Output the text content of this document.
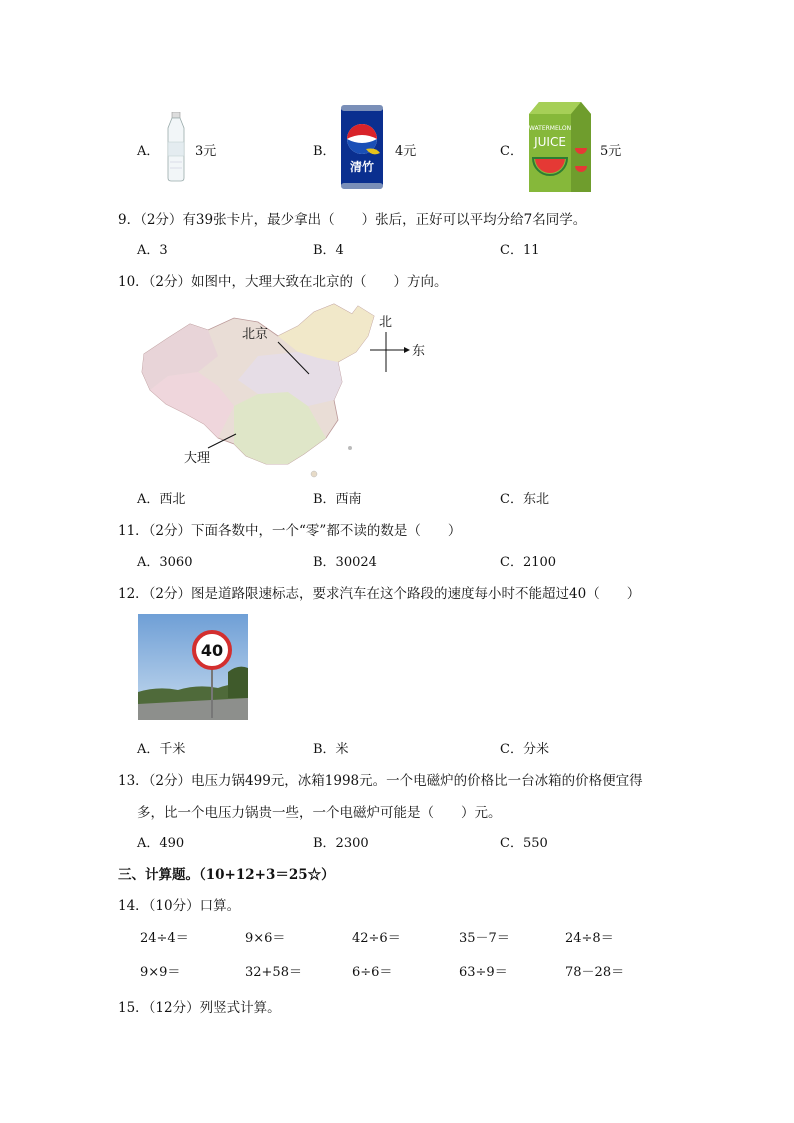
A．	3元	B．
清竹
4元	C．
WATERMELON
JUICE
5元
9．（2分）有39张卡片，最少拿出（　　）张后，正好可以平均分给7名同学。
A．3	B．4	C．11
10．（2分）如图中，大理大致在北京的（　　）方向。
北京
大理
北
东
A．西北	B．西南	C．东北
11．（2分）下面各数中，一个“零”都不读的数是（　　）
A．3060	B．30024	C．2100
12．（2分）图是道路限速标志，要求汽车在这个路段的速度每小时不能超过40（　　）
40
A．千米	B．米	C．分米
13．（2分）电压力锅499元，冰箱1998元。一个电磁炉的价格比一台冰箱的价格便宜得
多，比一个电压力锅贵一些，一个电磁炉可能是（　　）元。
A．490	B．2300	C．550
三、计算题。（10+12+3＝25☆）
14．（10分）口算。
24÷4＝	9×6＝	42÷6＝	35－7＝	24÷8＝
9×9＝	32+58＝	6÷6＝	63÷9＝	78－28＝
15．（12分）列竖式计算。
